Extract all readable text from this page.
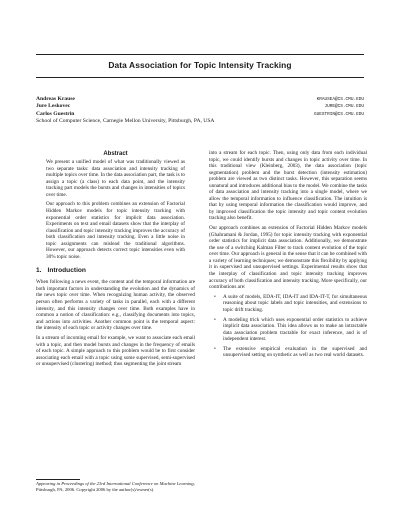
Data Association for Topic Intensity Tracking
Andreas Krause	KRAUSEA@CS.CMU.EDU
Jure Leskovec	JURE@CS.CMU.EDU
Carlos Guestrin	GUESTRIN@CS.CMU.EDU
School of Computer Science, Carnegie Mellon University, Pittsburgh, PA, USA
Abstract

We present a unified model of what was traditionally viewed as two separate tasks: data association and intensity tracking of multiple topics over time. In the data association part, the task is to assign a topic (a class) to each data point, and the intensity tracking part models the bursts and changes in intensities of topics over time.

Our approach to this problem combines an extension of Factorial Hidden Markov models for topic intensity tracking with exponential order statistics for implicit data association. Experiments on text and email datasets show that the interplay of classification and topic intensity tracking improves the accuracy of both classification and intensity tracking. Even a little noise in topic assignments can mislead the traditional algorithms. However, our approach detects correct topic intensities even with 30% topic noise.

1. Introduction

When following a news event, the content and the temporal information are both important factors in understanding the evolution and the dynamics of the news topic over time. When recognizing human activity, the observed person often performs a variety of tasks in parallel, each with a different intensity, and this intensity changes over time. Both examples have in common a notion of classification: e.g., classifying documents into topics, and actions into activities. Another common point is the temporal aspect: the intensity of each topic or activity changes over time.

In a stream of incoming email for example, we want to associate each email with a topic, and then model bursts and changes in the frequency of emails of each topic. A simple approach to this problem would be to first consider associating each email with a topic using some supervised, semi-supervised or unsupervised (clustering) method; thus segmenting the joint stream

into a stream for each topic. Then, using only data from each individual topic, we could identify bursts and changes in topic activity over time. In this traditional view (Kleinberg, 2003), the data association (topic segmentation) problem and the burst detection (intensity estimation) problem are viewed as two distinct tasks. However, this separation seems unnatural and introduces additional bias to the model. We combine the tasks of data association and intensity tracking into a single model, where we allow the temporal information to influence classification. The intuition is that by using temporal information the classification would improve, and by improved classification the topic intensity and topic content evolution tracking also benefit.

Our approach combines an extension of Factorial Hidden Markov models (Ghahramani & Jordan, 1995) for topic intensity tracking with exponential order statistics for implicit data association. Additionally, we demonstrate the use of a switching Kalman Filter to track content evolution of the topic over time. Our approach is general in the sense that it can be combined with a variety of learning techniques; we demonstrate this flexibility by applying it in supervised and unsupervised settings. Experimental results show that the interplay of classification and topic intensity tracking improves accuracy of both classification and intensity tracking. More specifically, our contributions are:

• A suite of models, EDA-IT, IDA-IT and IDA-IT-T, for simultaneous reasoning about topic labels and topic intensities, and extensions to topic drift tracking.
• A modeling trick which uses exponential order statistics to achieve implicit data association. This idea allows us to make an intractable data association problem tractable for exact inference, and is of independent interest.
• The extensive empirical evaluation in the supervised and unsupervised setting on synthetic as well as two real world datasets.
Appearing in Proceedings of the 23rd International Conference on Machine Learning, Pittsburgh, PA, 2006. Copyright 2006 by the author(s)/owner(s).
